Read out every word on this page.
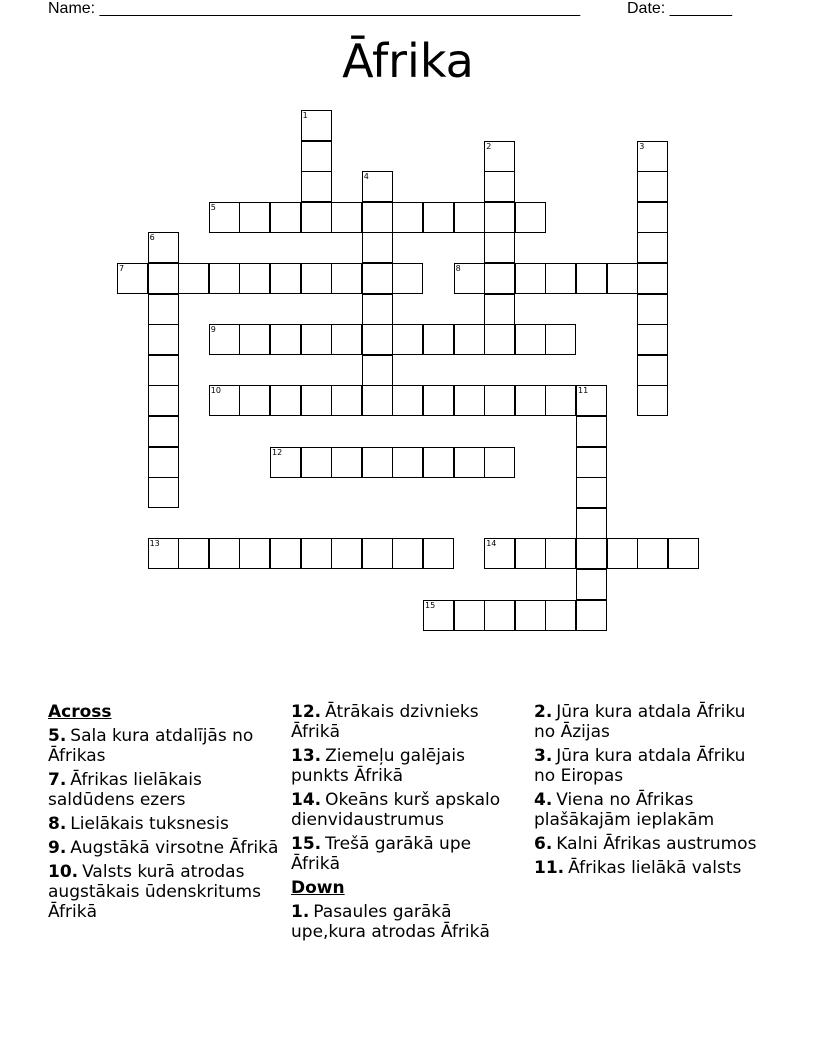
Name: ______________________________________________________	Date: _______
Āfrika
1
2	3
4
5
6
7	8
9
10	11
12
13	14
15
Across
5. Sala kura atdalījās no Āfrikas
7. Āfrikas lielākais saldūdens ezers
8. Lielākais tuksnesis
9. Augstākā virsotne Āfrikā
10. Valsts kurā atrodas augstākais ūdenskritums Āfrikā
12. Ātrākais dzivnieks Āfrikā
13. Ziemeļu galējais punkts Āfrikā
14. Okeāns kurš apskalo dienvidaustrumus
15. Trešā garākā upe Āfrikā
Down
1. Pasaules garākā upe,kura atrodas Āfrikā
2. Jūra kura atdala Āfriku no Āzijas
3. Jūra kura atdala Āfriku no Eiropas
4. Viena no Āfrikas plašākajām ieplakām
6. Kalni Āfrikas austrumos
11. Āfrikas lielākā valsts
